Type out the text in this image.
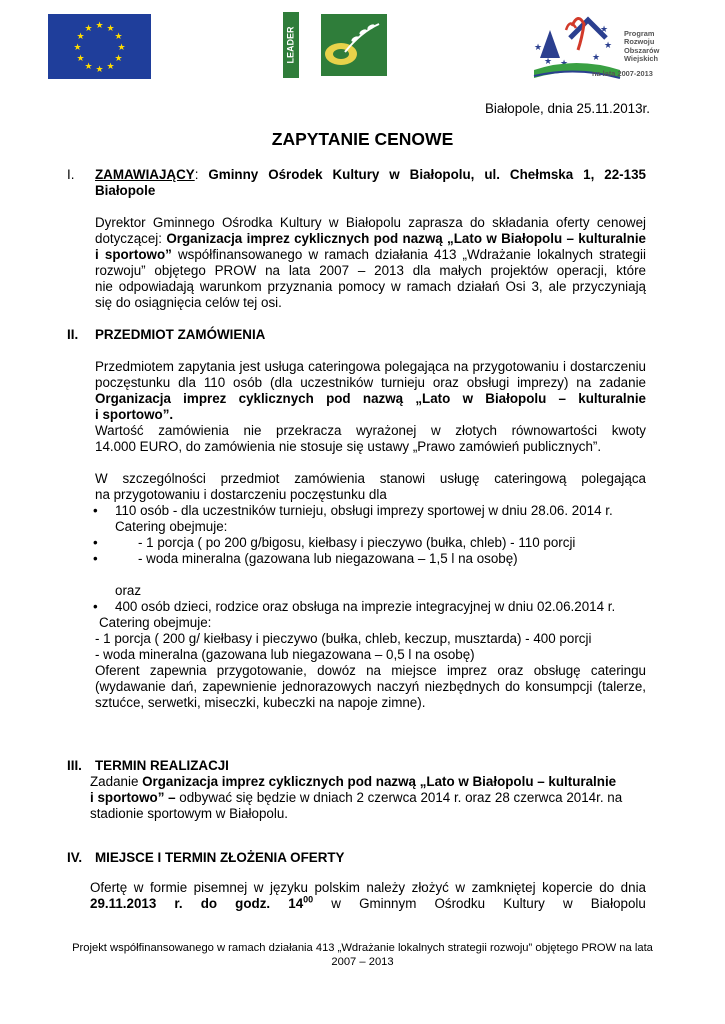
★ ★
★
★
★
★
★
★
★
★
★
★	LEADER	★
★	★
★
★ Program
Rozwoju
Obszarów
Wiejskich
na lata 2007-2013
Białopole, dnia 25.11.2013r.
ZAPYTANIE CENOWE
I. ZAMAWIAJĄCY: Gminny Ośrodek Kultury w Białopolu, ul. Chełmska 1, 22-135
Białopole
Dyrektor Gminnego Ośrodka Kultury w Białopolu zaprasza do składania oferty cenowej
dotyczącej: Organizacja imprez cyklicznych pod nazwą „Lato w Białopolu – kulturalnie
i sportowo” współfinansowanego w ramach działania 413 „Wdrażanie lokalnych strategii
rozwoju” objętego PROW na lata 2007 – 2013 dla małych projektów operacji, które
nie odpowiadają warunkom przyznania pomocy w ramach działań Osi 3, ale przyczyniają
się do osiągnięcia celów tej osi.
II. PRZEDMIOT ZAMÓWIENIA
Przedmiotem zapytania jest usługa cateringowa polegająca na przygotowaniu i dostarczeniu
poczęstunku dla 110 osób (dla uczestników turnieju oraz obsługi imprezy) na zadanie
Organizacja imprez cyklicznych pod nazwą „Lato w Białopolu – kulturalnie
i sportowo”.
Wartość zamówienia nie przekracza wyrażonej w złotych równowartości kwoty
14.000 EURO, do zamówienia nie stosuje się ustawy „Prawo zamówień publicznych”.
W szczególności przedmiot zamówienia stanowi usługę cateringową polegająca
na przygotowaniu i dostarczeniu poczęstunku dla
• 110 osób - dla uczestników turnieju, obsługi imprezy sportowej w dniu 28.06. 2014 r.
Catering obejmuje:
•	- 1 porcja ( po 200 g/bigosu, kiełbasy i pieczywo (bułka, chleb) - 110 porcji
•	- woda mineralna (gazowana lub niegazowana – 1,5 l na osobę)
oraz
• 400 osób dzieci, rodzice oraz obsługa na imprezie integracyjnej w dniu 02.06.2014 r.
Catering obejmuje:
- 1 porcja ( 200 g/ kiełbasy i pieczywo (bułka, chleb, keczup, musztarda) - 400 porcji
- woda mineralna (gazowana lub niegazowana – 0,5 l na osobę)
Oferent zapewnia przygotowanie, dowóz na miejsce imprez oraz obsługę cateringu
(wydawanie dań, zapewnienie jednorazowych naczyń niezbędnych do konsumpcji (talerze,
sztućce, serwetki, miseczki, kubeczki na napoje zimne).
III. TERMIN REALIZACJI
Zadanie Organizacja imprez cyklicznych pod nazwą „Lato w Białopolu – kulturalnie
i sportowo” – odbywać się będzie w dniach 2 czerwca 2014 r. oraz 28 czerwca 2014r. na
stadionie sportowym w Białopolu.
IV. MIEJSCE I TERMIN ZŁOŻENIA OFERTY
Ofertę w formie pisemnej w języku polskim należy złożyć w zamkniętej kopercie do dnia
29.11.2013 r. do godz. $14^{00}$ w Gminnym Ośrodku Kultury w Białopolu
Projekt współfinansowanego w ramach działania 413 „Wdrażanie lokalnych strategii rozwoju” objętego PROW na lata
2007 – 2013
